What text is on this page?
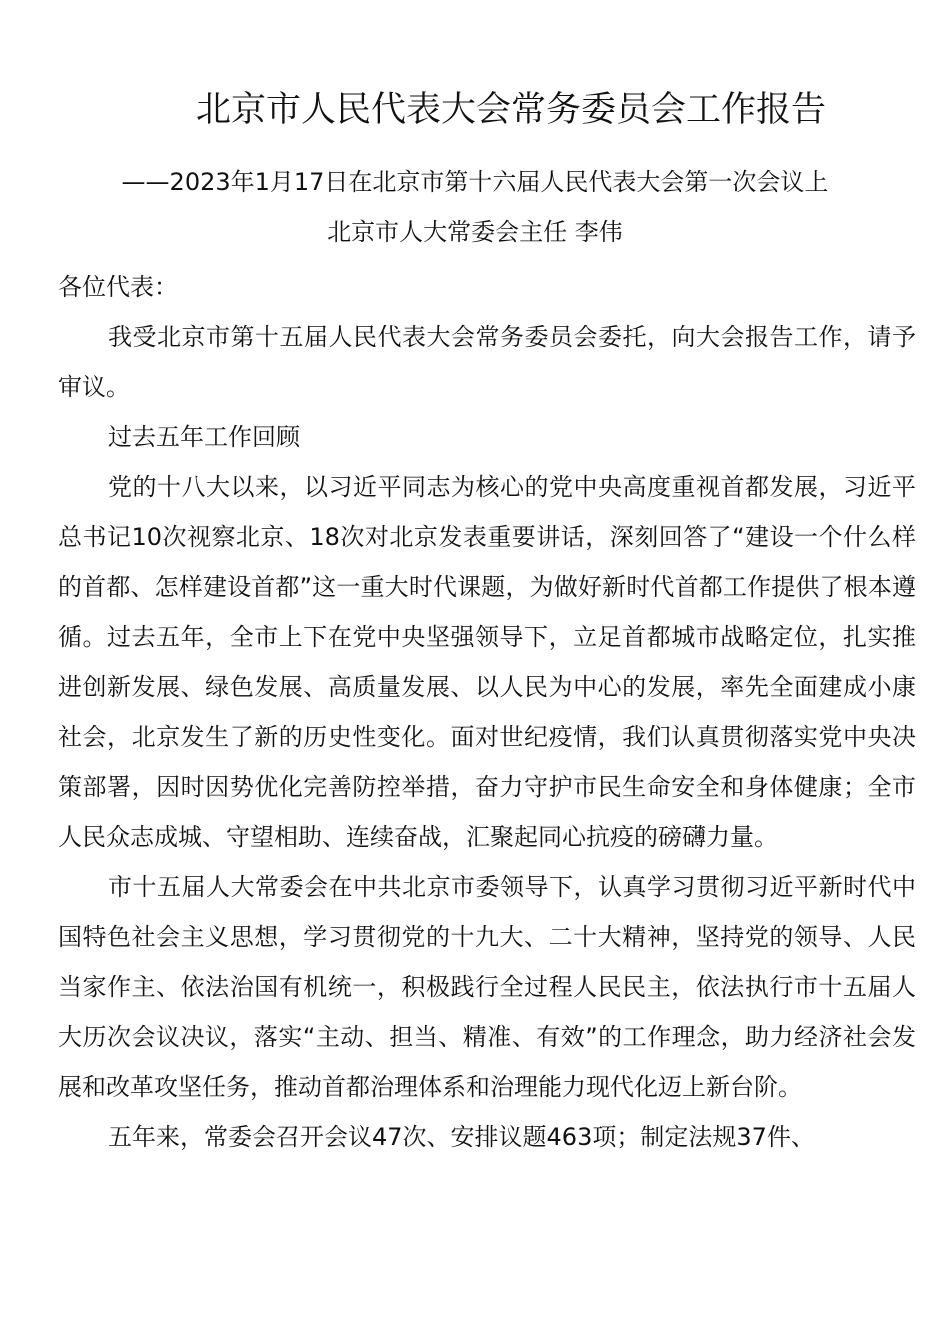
北京市人民代表大会常务委员会工作报告
——2023年1月17日在北京市第十六届人民代表大会第一次会议上
北京市人大常委会主任 李伟

各位代表：

我受北京市第十五届人民代表大会常务委员会委托，向大会报告工作，请予审议。

过去五年工作回顾

党的十八大以来，以习近平同志为核心的党中央高度重视首都发展，习近平总书记10次视察北京、18次对北京发表重要讲话，深刻回答了“建设一个什么样的首都、怎样建设首都”这一重大时代课题，为做好新时代首都工作提供了根本遵循。过去五年，全市上下在党中央坚强领导下，立足首都城市战略定位，扎实推进创新发展、绿色发展、高质量发展、以人民为中心的发展，率先全面建成小康社会，北京发生了新的历史性变化。面对世纪疫情，我们认真贯彻落实党中央决策部署，因时因势优化完善防控举措，奋力守护市民生命安全和身体健康；全市人民众志成城、守望相助、连续奋战，汇聚起同心抗疫的磅礴力量。

市十五届人大常委会在中共北京市委领导下，认真学习贯彻习近平新时代中国特色社会主义思想，学习贯彻党的十九大、二十大精神，坚持党的领导、人民当家作主、依法治国有机统一，积极践行全过程人民民主，依法执行市十五届人大历次会议决议，落实“主动、担当、精准、有效”的工作理念，助力经济社会发展和改革攻坚任务，推动首都治理体系和治理能力现代化迈上新台阶。

五年来，常委会召开会议47次、安排议题463项；制定法规37件、
